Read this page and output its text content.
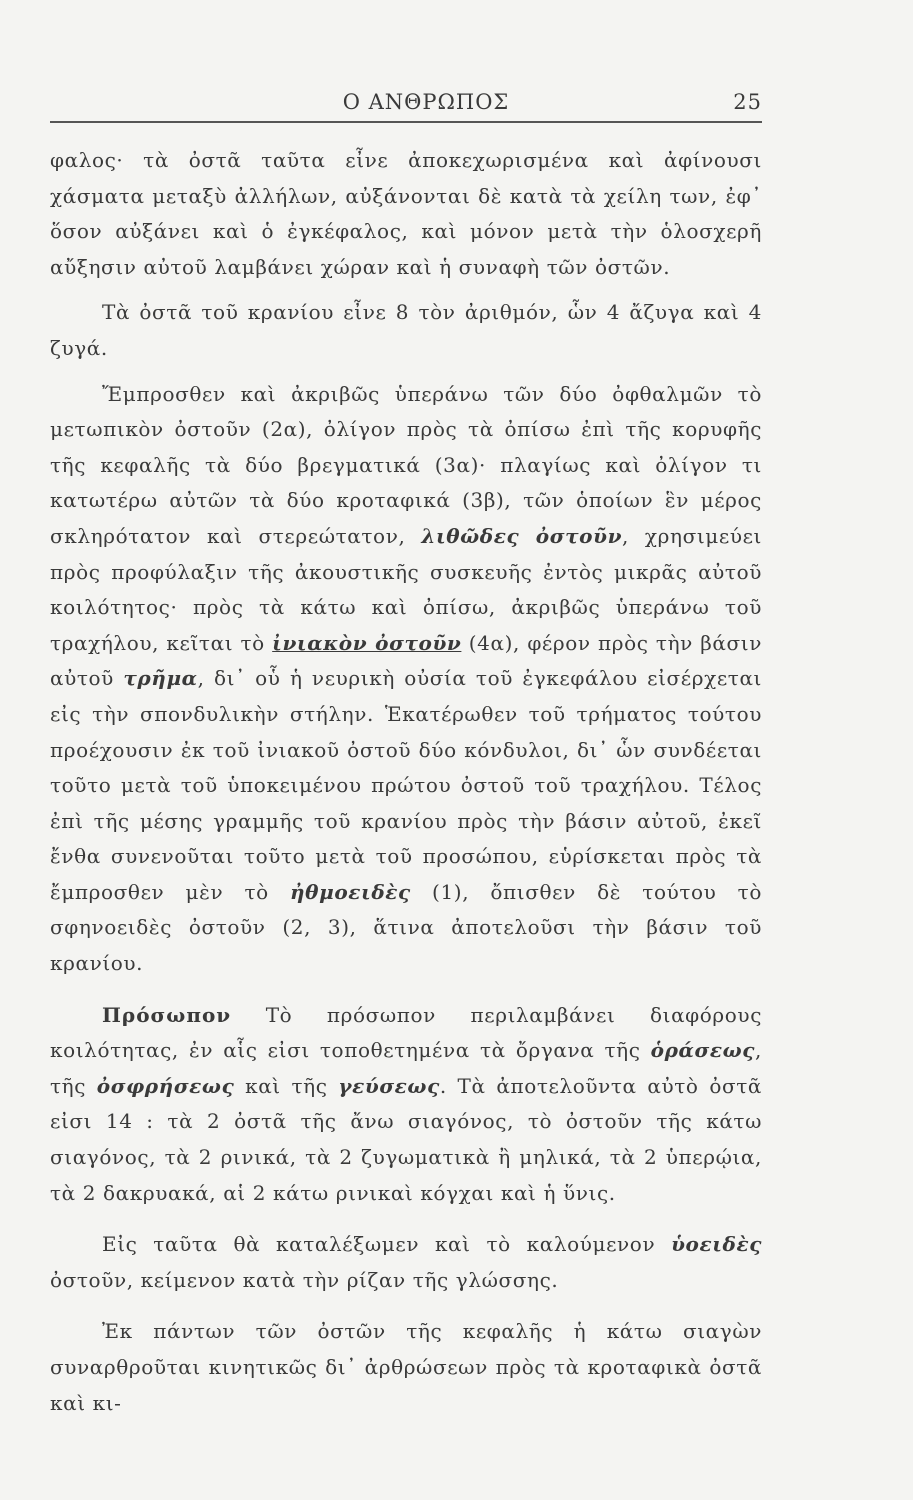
Ο ΑΝΘΡΩΠΟΣ	25

φαλος· τὰ ὀστᾶ ταῦτα εἶνε ἀποκεχωρισμένα καὶ ἀφίνουσι χάσματα μεταξὺ ἀλλήλων, αὐξάνονται δὲ κατὰ τὰ χείλη των, ἐφ᾽ ὅσον αὐξάνει καὶ ὁ ἐγκέφαλος, καὶ μόνον μετὰ τὴν ὁλοσχερῆ αὔξησιν αὐτοῦ λαμβάνει χώραν καὶ ἡ συναφὴ τῶν ὀστῶν.

Τὰ ὀστᾶ τοῦ κρανίου εἶνε 8 τὸν ἀριθμόν, ὧν 4 ἄζυγα καὶ 4 ζυγά.

Ἔμπροσθεν καὶ ἀκριβῶς ὑπεράνω τῶν δύο ὀφθαλμῶν τὸ μετωπικὸν ὀστοῦν (2α), ὀλίγον πρὸς τὰ ὀπίσω ἐπὶ τῆς κορυφῆς τῆς κεφαλῆς τὰ δύο βρεγματικά (3α)· πλαγίως καὶ ὀλίγον τι κατωτέρω αὐτῶν τὰ δύο κροταφικά (3β), τῶν ὁποίων ἓν μέρος σκληρότατον καὶ στερεώτατον, λιθῶδες ὀστοῦν, χρησιμεύει πρὸς προφύλαξιν τῆς ἀκουστικῆς συσκευῆς ἐντὸς μικρᾶς αὐτοῦ κοιλότητος· πρὸς τὰ κάτω καὶ ὀπίσω, ἀκριβῶς ὑπεράνω τοῦ τραχήλου, κεῖται τὸ ἰνιακὸν ὀστοῦν (4α), φέρον πρὸς τὴν βάσιν αὐτοῦ τρῆμα, δι᾽ οὗ ἡ νευρικὴ οὐσία τοῦ ἐγκεφάλου εἰσέρχεται εἰς τὴν σπονδυλικὴν στήλην. Ἑκατέρωθεν τοῦ τρήματος τούτου προέχουσιν ἐκ τοῦ ἰνιακοῦ ὀστοῦ δύο κόνδυλοι, δι᾽ ὧν συνδέεται τοῦτο μετὰ τοῦ ὑποκειμένου πρώτου ὀστοῦ τοῦ τραχήλου. Τέλος ἐπὶ τῆς μέσης γραμμῆς τοῦ κρανίου πρὸς τὴν βάσιν αὐτοῦ, ἐκεῖ ἔνθα συνενοῦται τοῦτο μετὰ τοῦ προσώπου, εὑρίσκεται πρὸς τὰ ἔμπροσθεν μὲν τὸ ἠθμοειδὲς (1), ὄπισθεν δὲ τούτου τὸ σφηνοειδὲς ὀστοῦν (2, 3), ἅτινα ἀποτελοῦσι τὴν βάσιν τοῦ κρανίου.

Πρόσωπον Τὸ πρόσωπον περιλαμβάνει διαφόρους κοιλότητας, ἐν αἷς εἰσι τοποθετημένα τὰ ὄργανα τῆς ὁράσεως, τῆς ὀσφρήσεως καὶ τῆς γεύσεως. Τὰ ἀποτελοῦντα αὐτὸ ὀστᾶ εἰσι 14 : τὰ 2 ὀστᾶ τῆς ἄνω σιαγόνος, τὸ ὀστοῦν τῆς κάτω σιαγόνος, τὰ 2 ρινικά, τὰ 2 ζυγωματικὰ ἢ μηλικά, τὰ 2 ὑπερῴια, τὰ 2 δακρυακά, αἱ 2 κάτω ρινικαὶ κόγχαι καὶ ἡ ὕνις.

Εἰς ταῦτα θὰ καταλέξωμεν καὶ τὸ καλούμενον ὑοειδὲς ὀστοῦν, κείμενον κατὰ τὴν ρίζαν τῆς γλώσσης.

Ἐκ πάντων τῶν ὀστῶν τῆς κεφαλῆς ἡ κάτω σιαγὼν συναρθροῦται κινητικῶς δι᾽ ἀρθρώσεων πρὸς τὰ κροταφικὰ ὀστᾶ καὶ κι-
